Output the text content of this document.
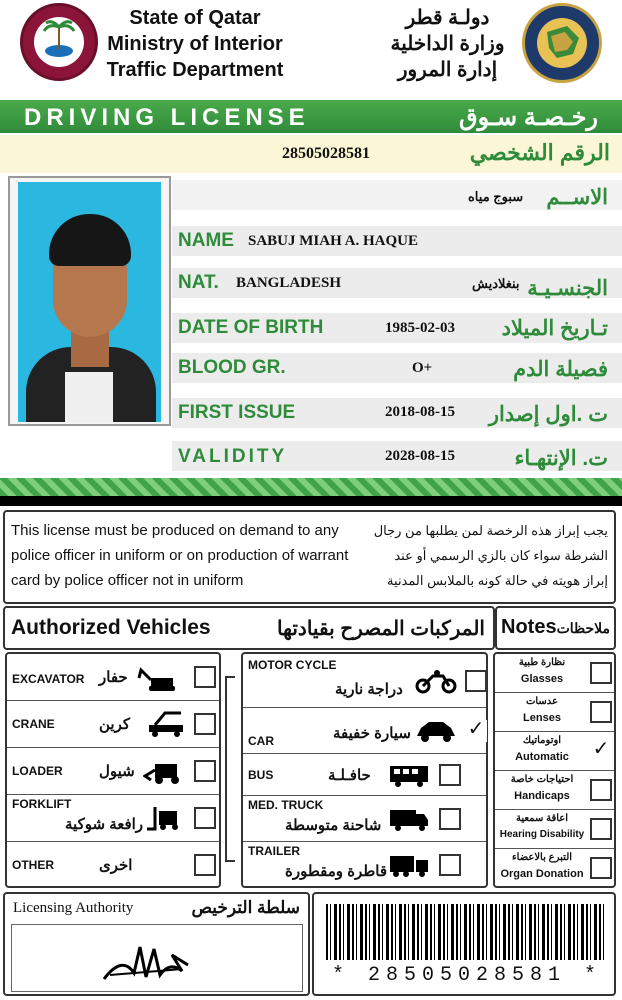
State of Qatar
Ministry of Interior
Traffic Department
دولـة قطر
وزارة الداخلية
إدارة المرور
DRIVING LICENSE	رخـصـة سـوق
28505028581	الرقم الشخصي
سبوج مياه الاســم
NAME SABUJ MIAH A. HAQUE
NAT. BANGLADESH	بنغلاديش الجنسـيـة
DATE OF BIRTH	1985-02-03 تـاريخ الميلاد
BLOOD GR.	O+	فصيلة الدم
FIRST ISSUE	2018-08-15 ت .اول إصدار
VALIDITY	2028-08-15	ت. الإنتهـاء
This license must be produced on demand to any police officer in uniform or on production of warrant card by police officer not in uniform
يجب إبراز هذه الرخصة لمن يطلبها من رجال الشرطة سواء كان بالزي الرسمي أو عند إبراز هويته في حالة كونه بالملابس المدنية
Authorized Vehicles	المركبات المصرح بقيادتها Notes ملاحظات
EXCAVATOR حفار
CRANE	كرين
LOADER شيول
FORKLIFT
رافعة شوكية
OTHER	اخرى
MOTOR CYCLE
دراجة نارية
CAR	سيارة خفيفة	✓
BUS	حافـلـة
MED. TRUCK
شاحنة متوسطة
TRAILER
قاطرة ومقطورة
نظارة طبية
Glasses
عدسات
Lenses
اوتوماتيك
Automatic	✓
احتياجات خاصة
Handicaps
اعاقة سمعية
Hearing Disability
التبرع بالاعضاء
Organ Donation
Licensing Authority	سلطة الترخيص
* 28505028581 *
